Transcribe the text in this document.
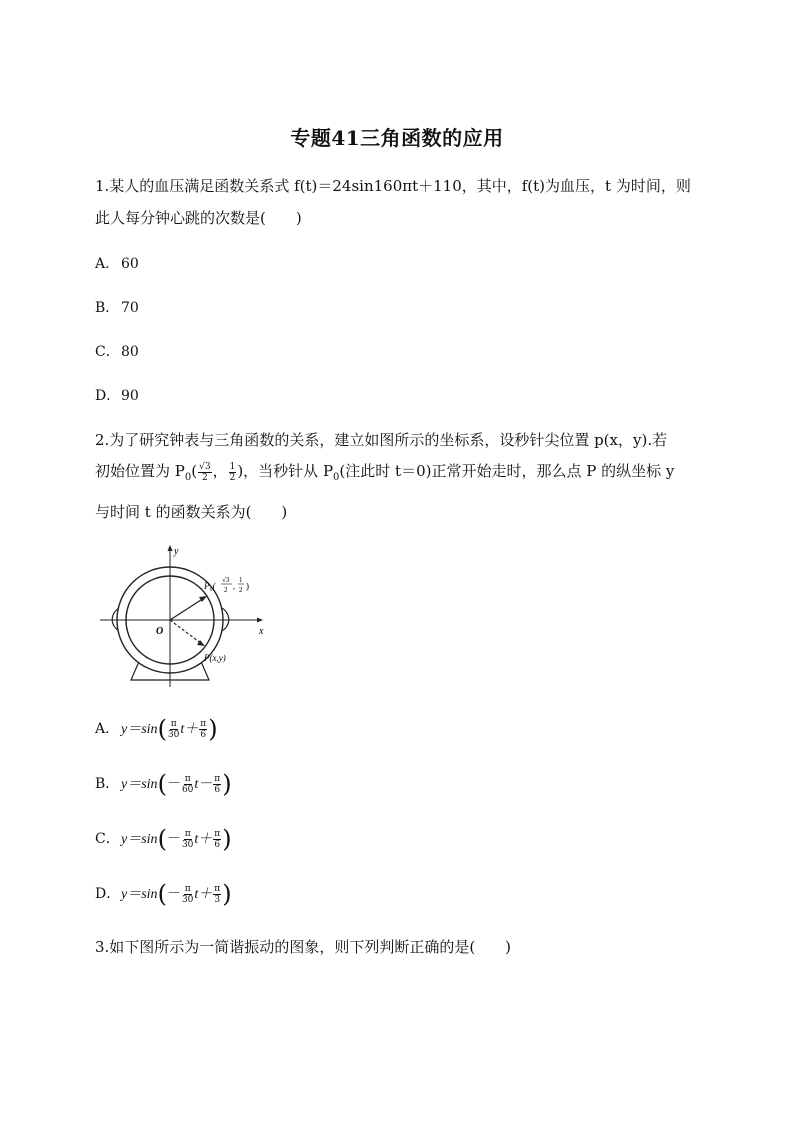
专题41三角函数的应用
1.某人的血压满足函数关系式 f(t)＝24sin160πt＋110，其中，f(t)为血压，t 为时间，则
此人每分钟心跳的次数是(　　)
A． 60
B． 70
C．80
D．90
2.为了研究钟表与三角函数的关系，建立如图所示的坐标系，设秒针尖位置 p(x，y).若
初始位置为 $P_0( \frac{√3}{2}$ ， $\frac{1}{2}$ )，当秒针从 $P_0$(注此时 t＝0)正常开始走时，那么点 P 的纵坐标 y
与时间 t 的函数关系为(　　)
y
x
O
P₀(
√3
2 ,
1
2 )
P(x,y)
A． $y=\sin( \frac{\pi}{30} t+ \frac{\pi}{6}$ )
B． $y=\sin(- \frac{\pi}{60} t- \frac{\pi}{6}$ )
C．$y=\sin(- \frac{\pi}{30} t+ \frac{\pi}{6}$ )
D．$y=\sin(- \frac{\pi}{30} t+ \frac{\pi}{3}$ )
3.如下图所示为一简谐振动的图象，则下列判断正确的是(　　)
